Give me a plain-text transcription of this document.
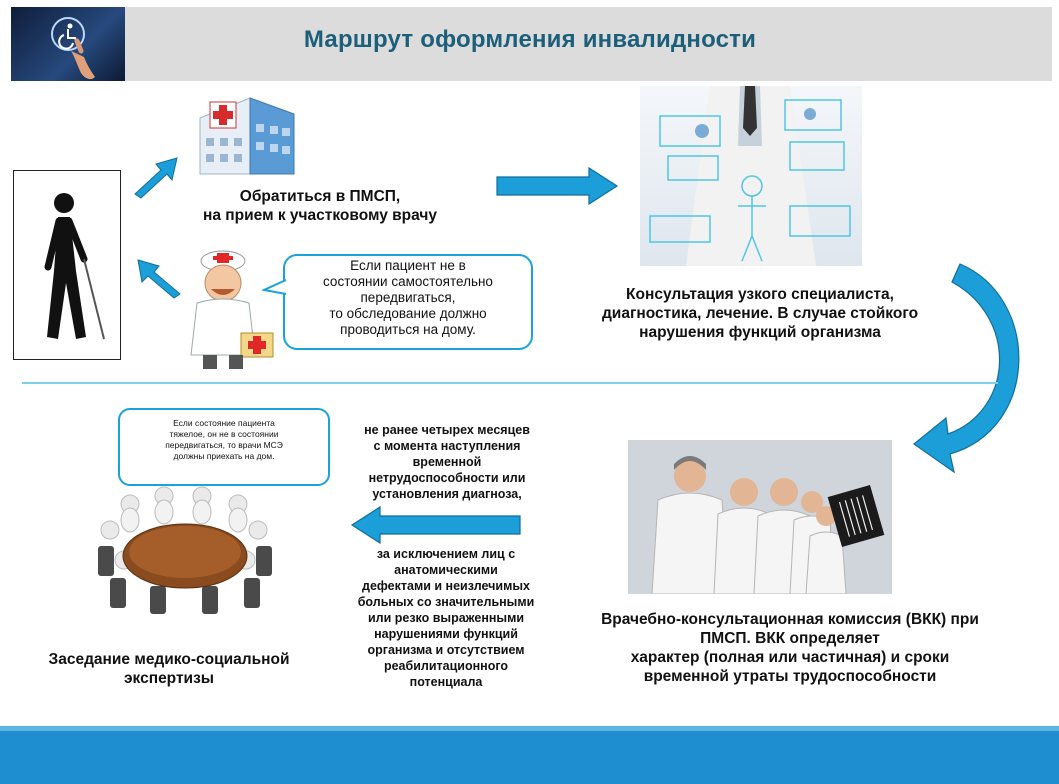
Маршрут оформления инвалидности
Обратиться в ПМСП,
на прием к участковому врачу
Если пациент не в
состоянии самостоятельно
передвигаться,
то обследование должно
проводиться на дому.
Консультация узкого специалиста,
диагностика, лечение. В случае стойкого
нарушения функций организма
Если состояние пациента
тяжелое, он не в состоянии
передвигаться, то врачи МСЭ
должны приехать на дом.
Заседание медико-социальной
экспертизы
не ранее четырех месяцев
с момента наступления
временной
нетрудоспособности или
установления диагноза,
за исключением лиц с
анатомическими
дефектами и неизлечимых
больных со значительными
или резко выраженными
нарушениями функций
организма и отсутствием
реабилитационного
потенциала
Врачебно-консультационная комиссия (ВКК) при
ПМСП. ВКК определяет
характер (полная или частичная) и сроки
временной утраты трудоспособности
